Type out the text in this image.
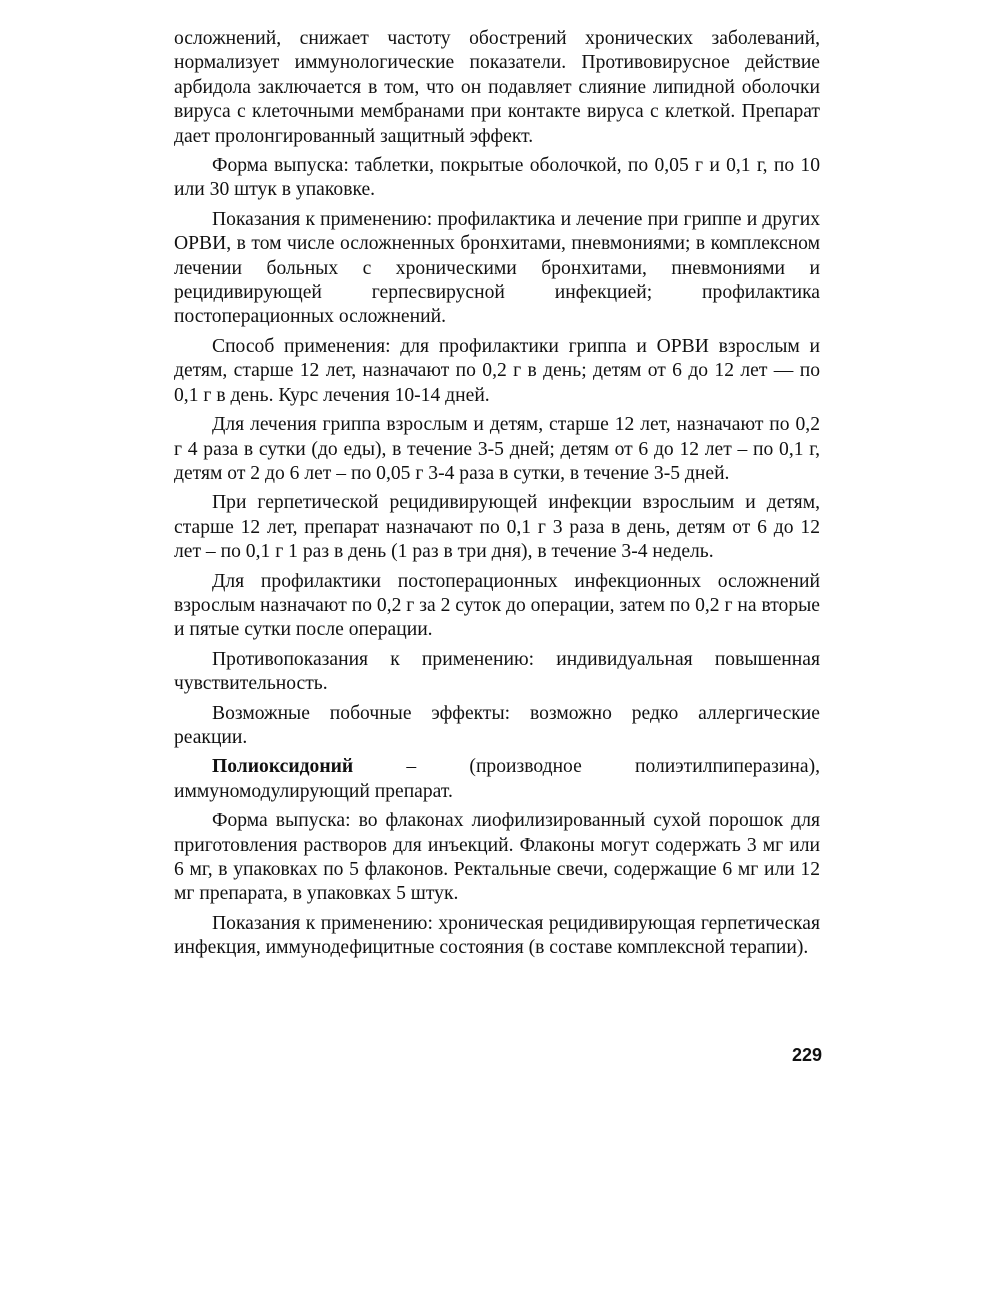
осложнений, снижает частоту обострений хронических заболеваний, нормализует иммунологические показатели. Противовирусное действие арбидола заключается в том, что он подавляет слияние липидной оболочки вируса с клеточными мембранами при контакте вируса с клеткой. Препарат дает пролонгированный защитный эффект.

Форма выпуска: таблетки, покрытые оболочкой, по 0,05 г и 0,1 г, по 10 или 30 штук в упаковке.

Показания к применению: профилактика и лечение при гриппе и других ОРВИ, в том числе осложненных бронхитами, пневмониями; в комплексном лечении больных с хроническими бронхитами, пневмониями и рецидивирующей герпесвирусной инфекцией; профилактика постоперационных осложнений.

Способ применения: для профилактики гриппа и ОРВИ взрослым и детям, старше 12 лет, назначают по 0,2 г в день; детям от 6 до 12 лет — по 0,1 г в день. Курс лечения 10-14 дней.

Для лечения гриппа взрослым и детям, старше 12 лет, назначают по 0,2 г 4 раза в сутки (до еды), в течение 3-5 дней; детям от 6 до 12 лет – по 0,1 г, детям от 2 до 6 лет – по 0,05 г 3-4 раза в сутки, в течение 3-5 дней.

При герпетической рецидивирующей инфекции взрослыим и детям, старше 12 лет, препарат назначают по 0,1 г 3 раза в день, детям от 6 до 12 лет – по 0,1 г 1 раз в день (1 раз в три дня), в течение 3-4 недель.

Для профилактики постоперационных инфекционных осложнений взрослым назначают по 0,2 г за 2 суток до операции, затем по 0,2 г на вторые и пятые сутки после операции.

Противопоказания к применению: индивидуальная повышенная чувствительность.

Возможные побочные эффекты: возможно редко аллергические реакции.

Полиоксидоний – (производное полиэтилпиперазина), иммуномодулирующий препарат.

Форма выпуска: во флаконах лиофилизированный сухой порошок для приготовления растворов для инъекций. Флаконы могут содержать 3 мг или 6 мг, в упаковках по 5 флаконов. Ректальные свечи, содержащие 6 мг или 12 мг препарата, в упаковках 5 штук.

Показания к применению: хроническая рецидивирующая герпетическая инфекция, иммунодефицитные состояния (в составе комплексной терапии).

229
